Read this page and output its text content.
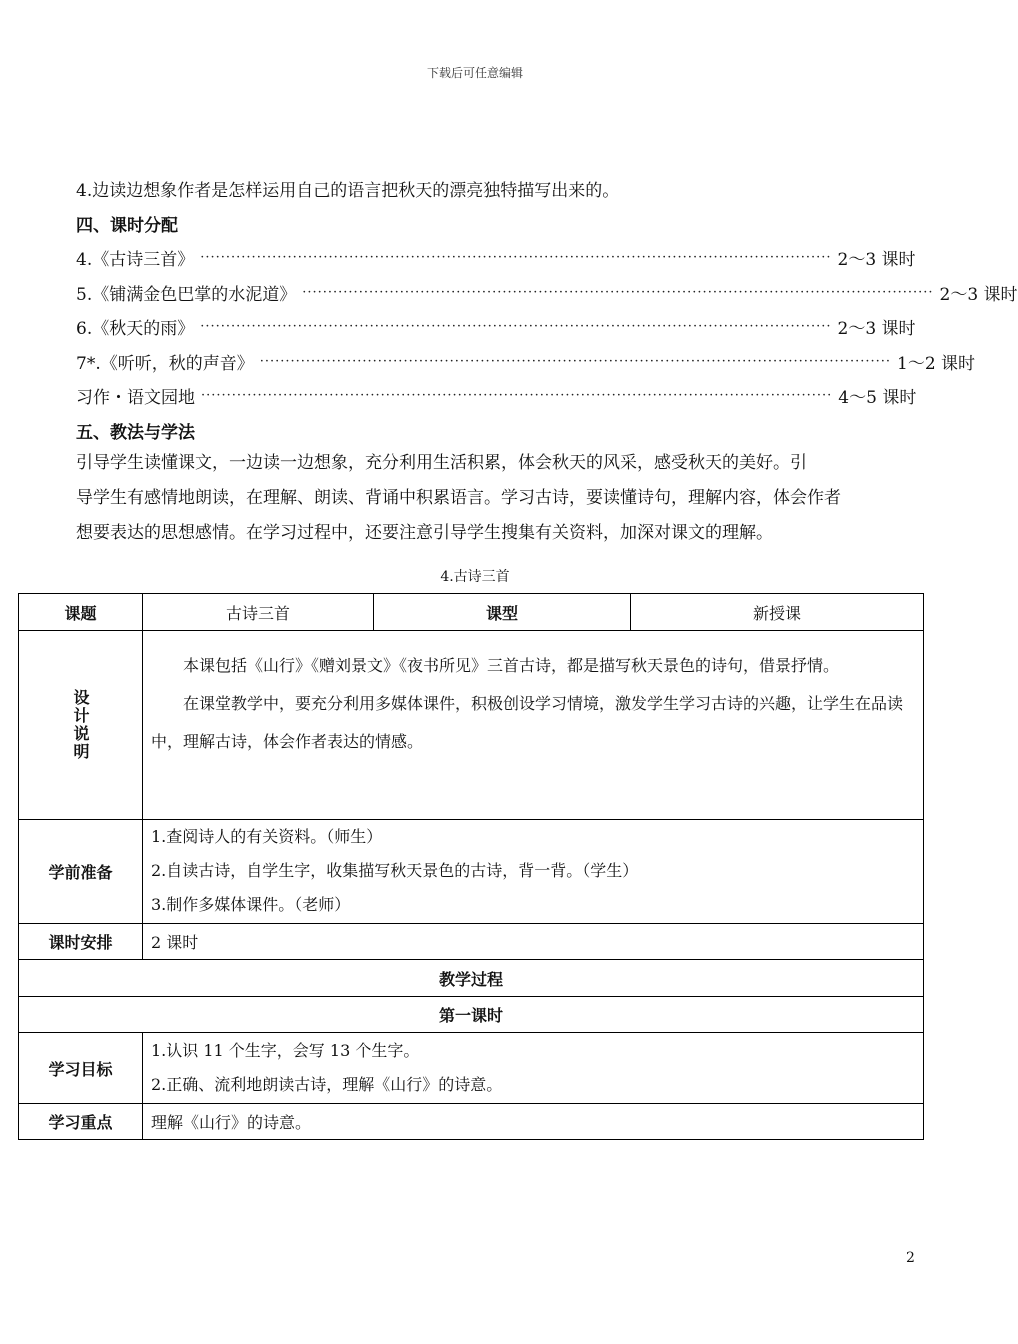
下载后可任意编辑
4.边读边想象作者是怎样运用自己的语言把秋天的漂亮独特描写出来的。
四、课时分配
4.《古诗三首》 ··························································································································· 2～3 课时
5.《铺满金色巴掌的水泥道》 ··························································································································· 2～3 课时
6.《秋天的雨》 ··························································································································· 2～3 课时
7*.《听听，秋的声音》 ··························································································································· 1～2 课时
习作・语文园地 ··························································································································· 4～5 课时
五、教法与学法
引导学生读懂课文，一边读一边想象，充分利用生活积累，体会秋天的风采，感受秋天的美好。引
导学生有感情地朗读，在理解、朗读、背诵中积累语言。学习古诗，要读懂诗句，理解内容，体会作者
想要表达的思想感情。在学习过程中，还要注意引导学生搜集有关资料，加深对课文的理解。
4.古诗三首
课题	古诗三首	课型	新授课

设计说明	本课包括《山行》《赠刘景文》《夜书所见》三首古诗，都是描写秋天景色的诗句，借景抒情。

在课堂教学中，要充分利用多媒体课件，积极创设学习情境，激发学生学习古诗的兴趣，让学生在品读中，理解古诗，体会作者表达的情感。		

学前准备	1.查阅诗人的有关资料。（师生）
2.自读古诗，自学生字，收集描写秋天景色的古诗，背一背。（学生）
3.制作多媒体课件。（老师）		

课时安排	2 课时		
教学过程			
第一课时			
学习目标	1.认识 11 个生字，会写 13 个生字。
2.正确、流利地朗读古诗，理解《山行》的诗意。		

学习重点	理解《山行》的诗意。		
2
